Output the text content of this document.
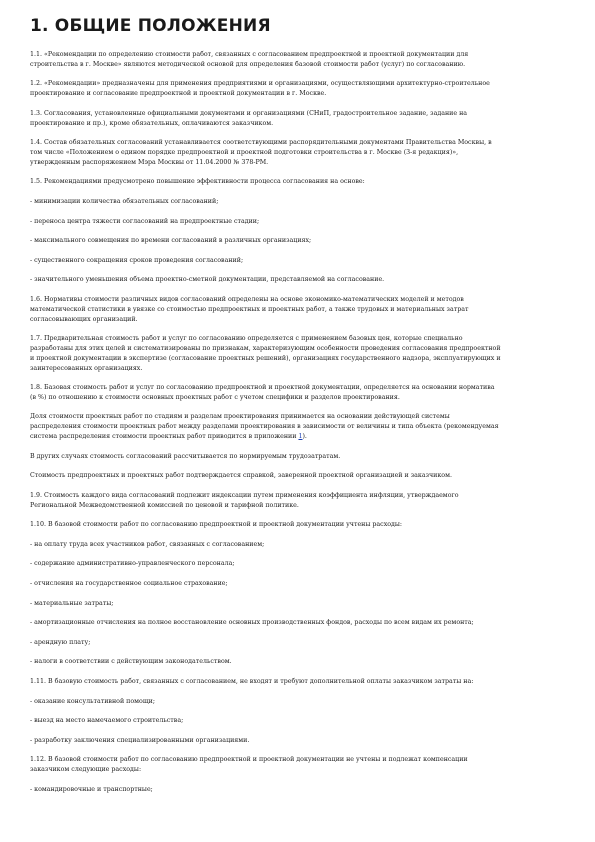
1. ОБЩИЕ ПОЛОЖЕНИЯ

1.1. «Рекомендации по определению стоимости работ, связанных с согласованием предпроектной и проектной документации для
строительства в г. Москве» являются методической основой для определения базовой стоимости работ (услуг) по согласованию.

1.2. «Рекомендации» предназначены для применения предприятиями и организациями, осуществляющими архитектурно-строительное
проектирование и согласование предпроектной и проектной документации в г. Москве.

1.3. Согласования, установленные официальными документами и организациями (СНиП, градостроительное задание, задание на
проектирование и пр.), кроме обязательных, оплачиваются заказчиком.

1.4. Состав обязательных согласований устанавливается соответствующими распорядительными документами Правительства Москвы, в
том числе «Положением о едином порядке предпроектной и проектной подготовки строительства в г. Москве (3-я редакция)»,
утвержденным распоряжением Мэра Москвы от 11.04.2000 № 378-РМ.

1.5. Рекомендациями предусмотрено повышение эффективности процесса согласования на основе:

- минимизации количества обязательных согласований;

- переноса центра тяжести согласований на предпроектные стадии;

- максимального совмещения по времени согласований в различных организациях;

- существенного сокращения сроков проведения согласований;

- значительного уменьшения объема проектно-сметной документации, представляемой на согласование.

1.6. Нормативы стоимости различных видов согласований определены на основе экономико-математических моделей и методов
математической статистики в увязке со стоимостью предпроектных и проектных работ, а также трудовых и материальных затрат
согласовывающих организаций.

1.7. Предварительная стоимость работ и услуг по согласованию определяется с применением базовых цен, которые специально
разработаны для этих целей и систематизированы по признакам, характеризующим особенности проведения согласования предпроектной
и проектной документации в экспертизе (согласование проектных решений), организациях государственного надзора, эксплуатирующих и
заинтересованных организациях.

1.8. Базовая стоимость работ и услуг по согласованию предпроектной и проектной документации, определяется на основании норматива
(в %) по отношению к стоимости основных проектных работ с учетом специфики и разделов проектирования.

Доля стоимости проектных работ по стадиям и разделам проектирования принимается на основании действующей системы
распределения стоимости проектных работ между разделами проектирования в зависимости от величины и типа объекта (рекомендуемая
система распределения стоимости проектных работ приводится в приложении 1).

В других случаях стоимость согласований рассчитывается по нормируемым трудозатратам.

Стоимость предпроектных и проектных работ подтверждается справкой, заверенной проектной организацией и заказчиком.

1.9. Стоимость каждого вида согласований подлежит индексации путем применения коэффициента инфляции, утверждаемого
Региональной Межведомственной комиссией по ценовой и тарифной политике.

1.10. В базовой стоимости работ по согласованию предпроектной и проектной документации учтены расходы:

- на оплату труда всех участников работ, связанных с согласованием;

- содержание административно-управленческого персонала;

- отчисления на государственное социальное страхование;

- материальные затраты;

- амортизационные отчисления на полное восстановление основных производственных фондов, расходы по всем видам их ремонта;

- арендную плату;

- налоги в соответствии с действующим законодательством.

1.11. В базовую стоимость работ, связанных с согласованием, не входят и требуют дополнительной оплаты заказчиком затраты на:

- оказание консультативной помощи;

- выезд на место намечаемого строительства;

- разработку заключения специализированными организациями.

1.12. В базовой стоимости работ по согласованию предпроектной и проектной документации не учтены и подлежат компенсации
заказчиком следующие расходы:

- командировочные и транспортные;
